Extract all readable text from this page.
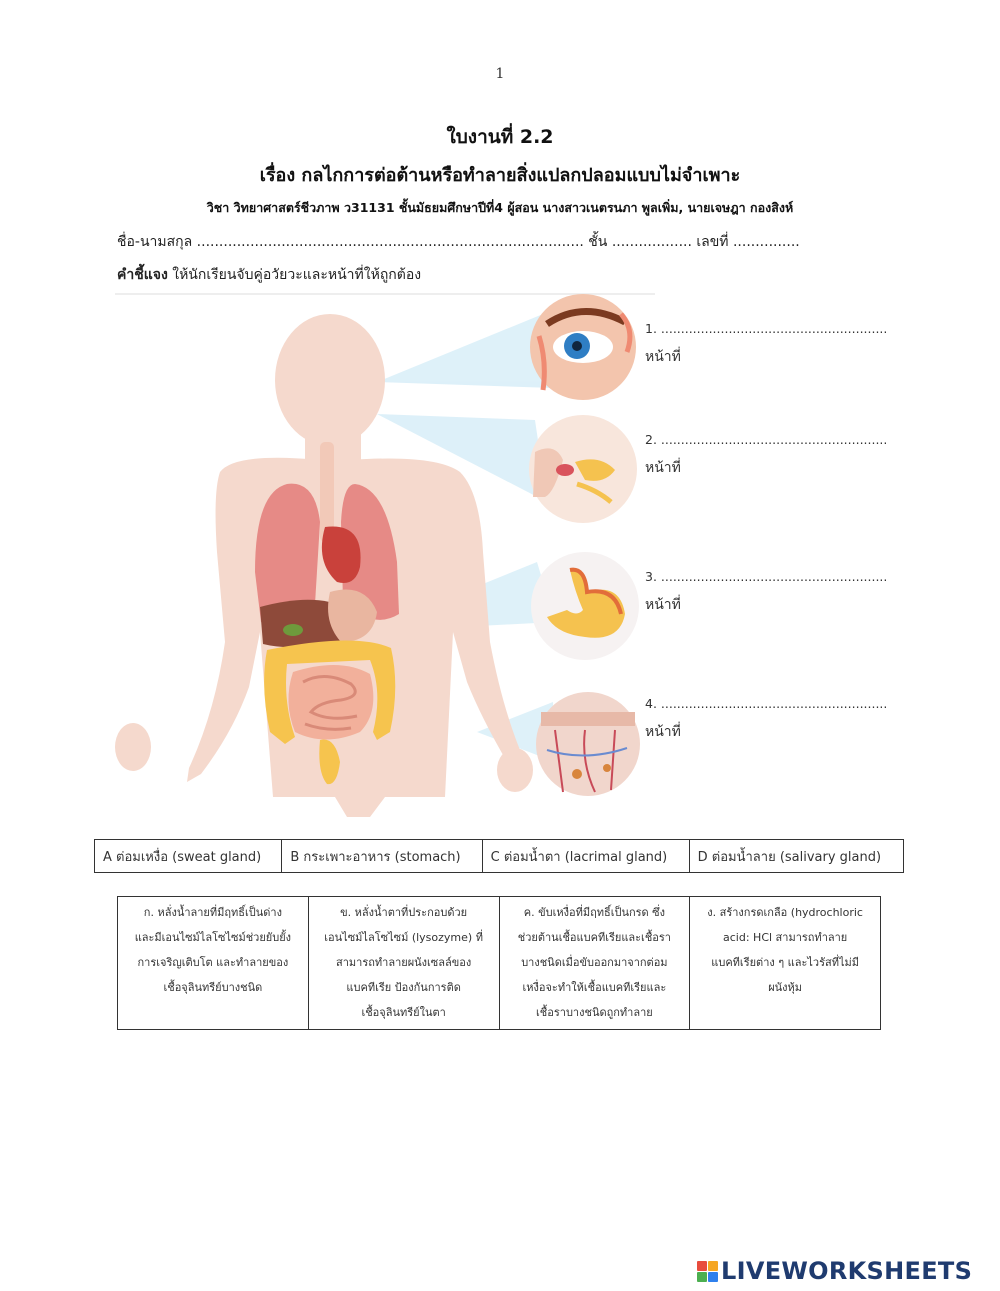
1
ใบงานที่ 2.2
เรื่อง กลไกการต่อต้านหรือทำลายสิ่งแปลกปลอมแบบไม่จำเพาะ
วิชา วิทยาศาสตร์ชีวภาพ ว31131 ชั้นมัธยมศึกษาปีที่4 ผู้สอน นางสาวเนตรนภา พูลเพิ่ม, นายเจษฎา กองสิงห์
ชื่อ-นามสกุล ....................................................................................... ชั้น .................. เลขที่ ...............
คำชี้แจง ให้นักเรียนจับคู่อวัยวะและหน้าที่ให้ถูกต้อง
1. .........................................................
หน้าที่
2. .........................................................
หน้าที่
3. .........................................................
หน้าที่
4. .........................................................
หน้าที่
A ต่อมเหงื่อ (sweat gland)	B กระเพาะอาหาร (stomach)	C ต่อมน้ำตา (lacrimal gland)	D ต่อมน้ำลาย (salivary gland)
ก. หลั่งน้ำลายที่มีฤทธิ์เป็นด่าง
และมีเอนไซม์ไลโซไซม์ช่วยยับยั้ง
การเจริญเติบโต และทำลายของ
เชื้อจุลินทรีย์บางชนิด

ข. หลั่งน้ำตาที่ประกอบด้วย
เอนไซม์ไลโซไซม์ (lysozyme) ที่
สามารถทำลายผนังเซลล์ของ
แบคทีเรีย ป้องกันการติด
เชื้อจุลินทรีย์ในตา

ค. ขับเหงื่อที่มีฤทธิ์เป็นกรด ซึ่ง
ช่วยต้านเชื้อแบคทีเรียและเชื้อรา
บางชนิดเมื่อขับออกมาจากต่อม
เหงื่อจะทำให้เชื้อแบคทีเรียและ
เชื้อราบางชนิดถูกทำลาย

ง. สร้างกรดเกลือ (hydrochloric
acid: HCl สามารถทำลาย
แบคทีเรียต่าง ๆ และไวรัสที่ไม่มี
ผนังหุ้ม
LIVEWORKSHEETS
